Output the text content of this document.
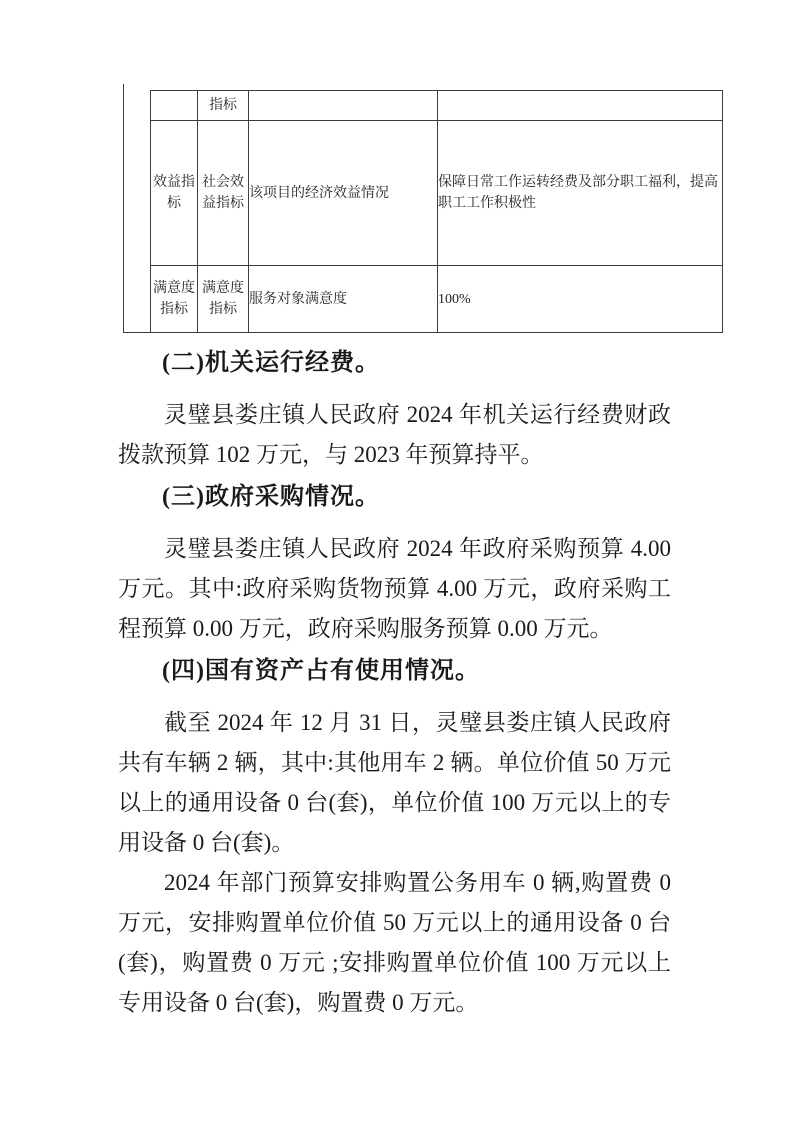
		指标		
	效益指标	社会效益指标	该项目的经济效益情况	保障日常工作运转经费及部分职工福利，提高职工工作积极性
	满意度指标	满意度指标	服务对象满意度	100%
(二)机关运行经费。

灵璧县娄庄镇人民政府 2024 年机关运行经费财政拨款预算 102 万元，与 2023 年预算持平。

(三)政府采购情况。

灵璧县娄庄镇人民政府 2024 年政府采购预算 4.00 万元。其中:政府采购货物预算 4.00 万元，政府采购工程预算 0.00 万元，政府采购服务预算 0.00 万元。

(四)国有资产占有使用情况。

截至 2024 年 12 月 31 日，灵璧县娄庄镇人民政府共有车辆 2 辆，其中:其他用车 2 辆。单位价值 50 万元以上的通用设备 0 台(套)，单位价值 100 万元以上的专用设备 0 台(套)。

2024 年部门预算安排购置公务用车 0 辆,购置费 0 万元，安排购置单位价值 50 万元以上的通用设备 0 台(套)，购置费 0 万元 ;安排购置单位价值 100 万元以上专用设备 0 台(套)，购置费 0 万元。
